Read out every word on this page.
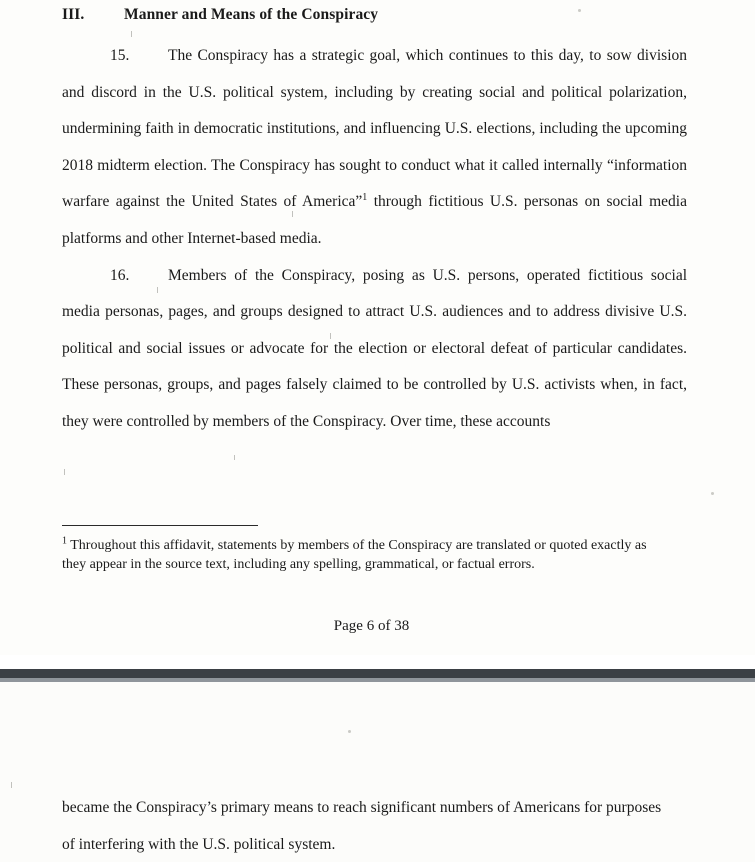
III.	Manner and Means of the Conspiracy

15. The Conspiracy has a strategic goal, which continues to this day, to sow division and discord in the U.S. political system, including by creating social and political polarization, undermining faith in democratic institutions, and influencing U.S. elections, including the upcoming 2018 midterm election. The Conspiracy has sought to conduct what it called internally “information warfare against the United States of America”$^1$ through fictitious U.S. personas on social media platforms and other Internet-based media.

16. Members of the Conspiracy, posing as U.S. persons, operated fictitious social media personas, pages, and groups designed to attract U.S. audiences and to address divisive U.S. political and social issues or advocate for the election or electoral defeat of particular candidates. These personas, groups, and pages falsely claimed to be controlled by U.S. activists when, in fact, they were controlled by members of the Conspiracy. Over time, these accounts

$^1$ Throughout this affidavit, statements by members of the Conspiracy are translated or quoted exactly as they appear in the source text, including any spelling, grammatical, or factual errors.
Page 6 of 38

became the Conspiracy’s primary means to reach significant numbers of Americans for purposes

of interfering with the U.S. political system.
